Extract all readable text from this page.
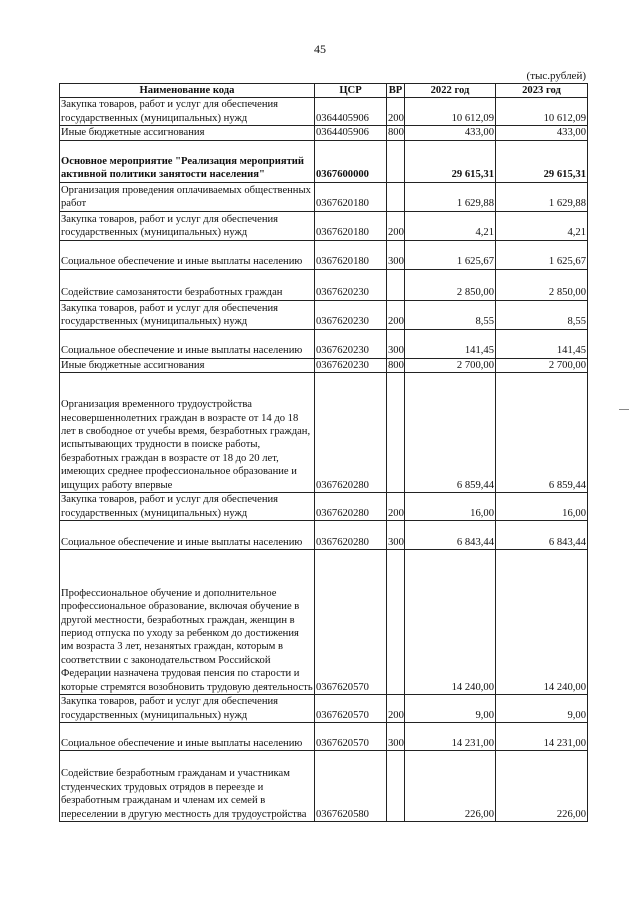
45
(тыс.рублей)
Наименование кода	ЦСР	ВР	2022 год	2023 год
Закупка товаров, работ и услуг для обеспечения государственных (муниципальных) нужд	0364405906	200	10 612,09	10 612,09
Иные бюджетные ассигнования	0364405906	800	433,00	433,00
Основное мероприятие "Реализация мероприятий активной политики занятости населения"	0367600000		29 615,31	29 615,31
Организация проведения оплачиваемых общественных работ	0367620180		1 629,88	1 629,88
Закупка товаров, работ и услуг для обеспечения государственных (муниципальных) нужд	0367620180	200	4,21	4,21
Социальное обеспечение и иные выплаты населению	0367620180	300	1 625,67	1 625,67
Содействие самозанятости безработных граждан	0367620230		2 850,00	2 850,00
Закупка товаров, работ и услуг для обеспечения государственных (муниципальных) нужд	0367620230	200	8,55	8,55
Социальное обеспечение и иные выплаты населению	0367620230	300	141,45	141,45
Иные бюджетные ассигнования	0367620230	800	2 700,00	2 700,00
Организация временного трудоустройства несовершеннолетних граждан в возрасте от 14 до 18 лет в свободное от учебы время, безработных граждан, испытывающих трудности в поиске работы, безработных граждан в возрасте от 18 до 20 лет, имеющих среднее профессиональное образование и ищущих работу впервые	0367620280		6 859,44	6 859,44
Закупка товаров, работ и услуг для обеспечения государственных (муниципальных) нужд	0367620280	200	16,00	16,00
Социальное обеспечение и иные выплаты населению	0367620280	300	6 843,44	6 843,44
Профессиональное обучение и дополнительное профессиональное образование, включая обучение в другой местности, безработных граждан, женщин в период отпуска по уходу за ребенком до достижения им возраста 3 лет, незанятых граждан, которым в соответствии с законодательством Российской Федерации назначена трудовая пенсия по старости и которые стремятся возобновить трудовую деятельность	0367620570		14 240,00	14 240,00
Закупка товаров, работ и услуг для обеспечения государственных (муниципальных) нужд	0367620570	200	9,00	9,00
Социальное обеспечение и иные выплаты населению	0367620570	300	14 231,00	14 231,00
Содействие безработным гражданам и участникам студенческих трудовых отрядов в переезде и безработным гражданам и членам их семей в переселении в другую местность для трудоустройства	0367620580		226,00	226,00
